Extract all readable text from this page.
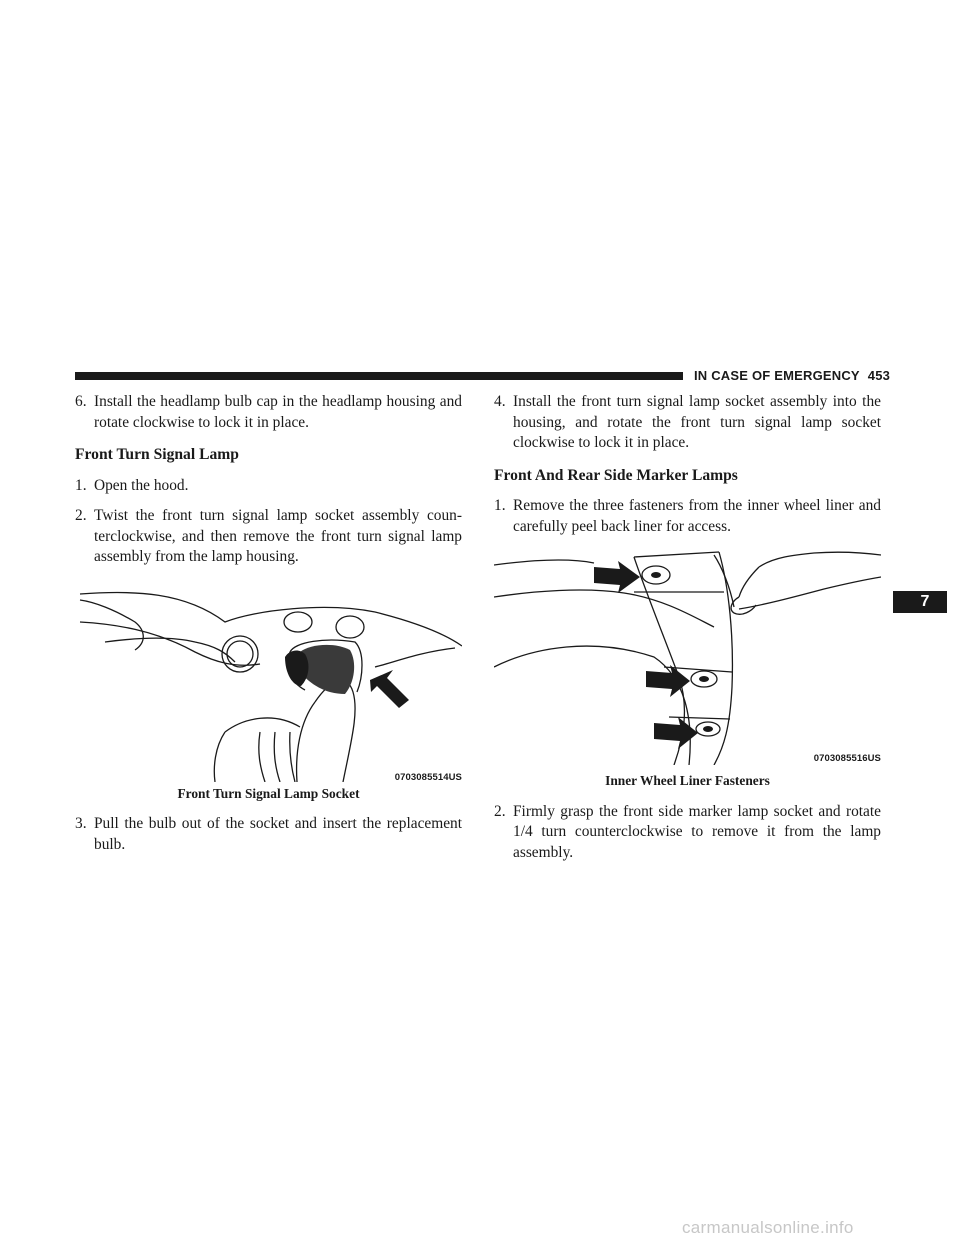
IN CASE OF EMERGENCY 453

6. Install the headlamp bulb cap in the headlamp housing and rotate clockwise to lock it in place.

Front Turn Signal Lamp

1. Open the hood.

2. Twist the front turn signal lamp socket assembly counterclockwise, and then remove the front turn signal lamp assembly from the lamp housing.

0703085514US
Front Turn Signal Lamp Socket

3. Pull the bulb out of the socket and insert the replacement bulb.

4. Install the front turn signal lamp socket assembly into the housing, and rotate the front turn signal lamp socket clockwise to lock it in place.

Front And Rear Side Marker Lamps

1. Remove the three fasteners from the inner wheel liner and carefully peel back liner for access.

0703085516US
Inner Wheel Liner Fasteners

2. Firmly grasp the front side marker lamp socket and rotate 1/4 turn counterclockwise to remove it from the lamp assembly.

7
carmanualsonline.info
